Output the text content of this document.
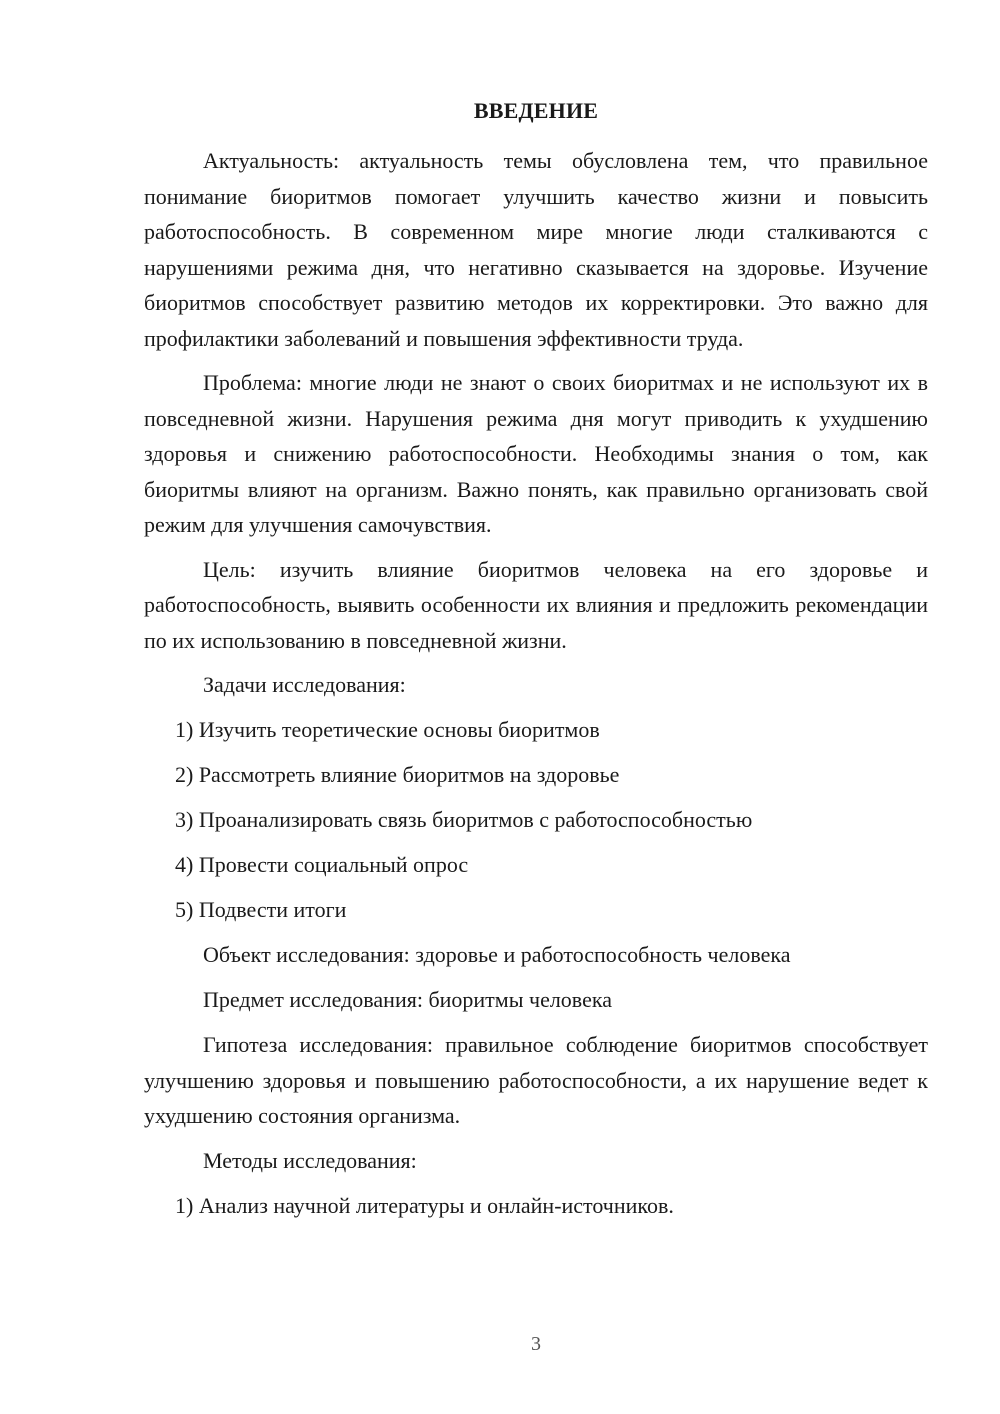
ВВЕДЕНИЕ

Актуальность: актуальность темы обусловлена тем, что правильное понимание биоритмов помогает улучшить качество жизни и повысить работоспособность. В современном мире многие люди сталкиваются с нарушениями режима дня, что негативно сказывается на здоровье. Изучение биоритмов способствует развитию методов их корректировки. Это важно для профилактики заболеваний и повышения эффективности труда.

Проблема: многие люди не знают о своих биоритмах и не используют их в повседневной жизни. Нарушения режима дня могут приводить к ухудшению здоровья и снижению работоспособности. Необходимы знания о том, как биоритмы влияют на организм. Важно понять, как правильно организовать свой режим для улучшения самочувствия.

Цель: изучить влияние биоритмов человека на его здоровье и работоспособность, выявить особенности их влияния и предложить рекомендации по их использованию в повседневной жизни.

Задачи исследования:

1) Изучить теоретические основы биоритмов

2) Рассмотреть влияние биоритмов на здоровье

3) Проанализировать связь биоритмов с работоспособностью

4) Провести социальный опрос

5) Подвести итоги

Объект исследования: здоровье и работоспособность человека

Предмет исследования: биоритмы человека

Гипотеза исследования: правильное соблюдение биоритмов способствует улучшению здоровья и повышению работоспособности, а их нарушение ведет к ухудшению состояния организма.

Методы исследования:

1) Анализ научной литературы и онлайн-источников.

3
